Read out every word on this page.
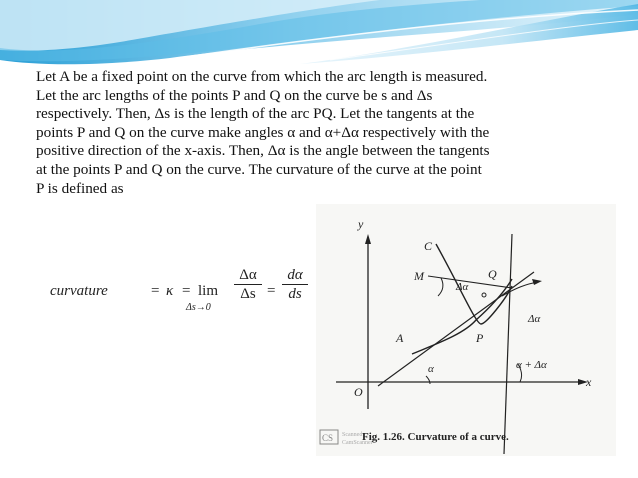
Let A be a fixed point on the curve from which the arc length is measured.
Let the arc lengths of the points P and Q on the curve be s and Δs
respectively. Then, Δs is the length of the arc PQ. Let the tangents at the
points P and Q on the curve make angles α and α+Δα respectively with the
positive direction of the x-axis. Then, Δα is the angle between the tangents
at the points P and Q on the curve. The curvature of the curve at the point
P is defined as
curvature	= κ = lim
Δs→0
$\frac{\Delta\alpha}{\Delta s} = \frac{d\alpha}{ds}$
y
x
O
C
M	Q
A	P
Δα
Δα
α	α + Δα
CS Scanned
CamScanner
Fig. 1.26. Curvature of a curve.
